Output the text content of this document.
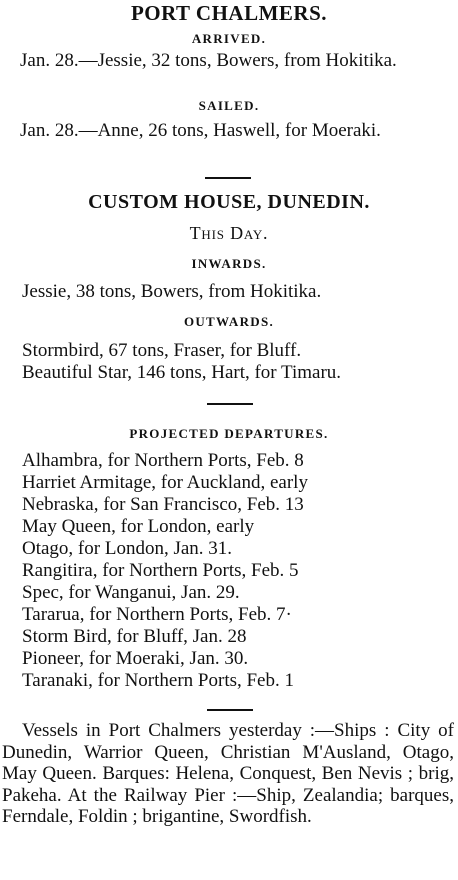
PORT CHALMERS.
ARRIVED.
Jan. 28.—Jessie, 32 tons, Bowers, from Hokitika.
SAILED.
Jan. 28.—Anne, 26 tons, Haswell, for Moeraki.
CUSTOM HOUSE, DUNEDIN.
This Day.
INWARDS.
Jessie, 38 tons, Bowers, from Hokitika.
OUTWARDS.
Stormbird, 67 tons, Fraser, for Bluff.
Beautiful Star, 146 tons, Hart, for Timaru.
PROJECTED DEPARTURES.
Alhambra, for Northern Ports, Feb. 8
Harriet Armitage, for Auckland, early
Nebraska, for San Francisco, Feb. 13
May Queen, for London, early
Otago, for London, Jan. 31.
Rangitira, for Northern Ports, Feb. 5
Spec, for Wanganui, Jan. 29.
Tararua, for Northern Ports, Feb. 7·
Storm Bird, for Bluff, Jan. 28
Pioneer, for Moeraki, Jan. 30.
Taranaki, for Northern Ports, Feb. 1
Vessels in Port Chalmers yesterday :—Ships : City of Dunedin, Warrior Queen, Christian M'Ausland, Otago, May Queen. Barques: Helena, Conquest, Ben Nevis ; brig, Pakeha. At the Railway Pier :—Ship, Zealandia; barques, Ferndale, Foldin ; brigantine, Swordfish.
